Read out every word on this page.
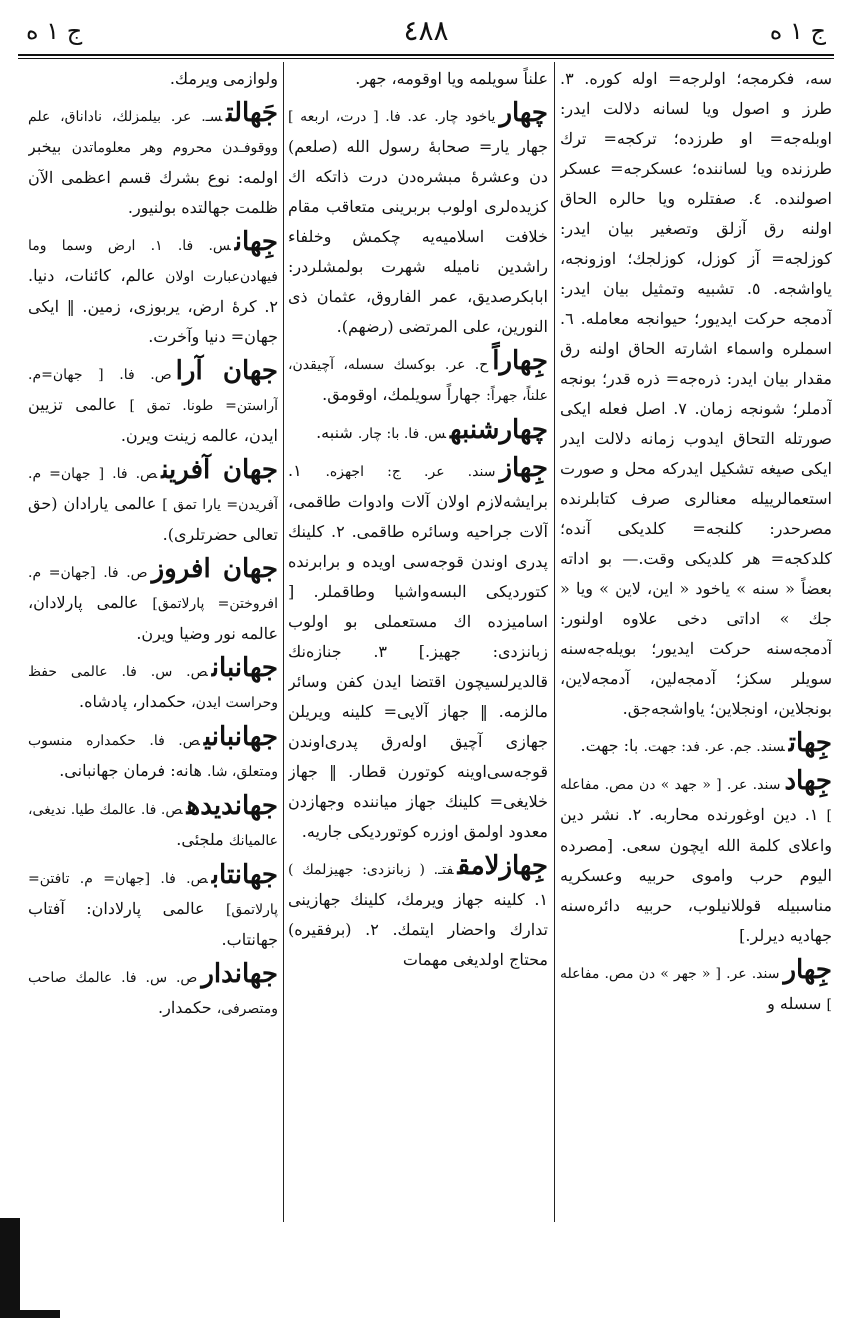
ج ١ ه
٤٨٨
ج ١ ه
سه، فکرمجه؛ اولرجه= اوله کوره. ٣. طرز و اصول ویا لسانه دلالت ایدر: اوبلەجه= او طرزده؛ ترکجه= ترك طرزنده ویا لساننده؛ عسکرجه= عسکر اصولنده. ٤. صفتلره ویا حالره الحاق اولنه رق آزلق وتصغیر بیان ایدر: کوزلجه= آز کوزل، کوزلجك؛ اوزونجه، یاواشجه. ٥. تشبیه وتمثیل بیان ایدر: آدمجه حرکت ایدیور؛ حیوانجه معامله. ٦. اسملره واسماء اشارته الحاق اولنه رق مقدار بیان ایدر: ذره‌جه= ذره قدر؛ بونجه آدملر؛ شونجه زمان. ٧. اصل فعله ایکی صورتله التحاق ایدوب زمانه دلالت ایدر ایکی صیغه تشکیل ایدرکه محل و صورت استعمالرییله معنالری صرف کتابلرنده مصرحدر: کلنجه= کلدیکی آنده؛ کلدکجه= هر کلدیکی وقت.— بو اداته بعضاً « سنه » یاخود « این، لاین » ویا « جك » اداتی دخی علاوه اولنور: آدمجه‌سنه حرکت ایدیور؛ بویله‌جه‌سنه سویلر سکز؛ آدمجه‌لین، آدمجه‌لاین، بونجلاین، اونجلاین؛ یاواشجه‌جق.
جِهاتسند. جم. عر. فد: جهت. با: جهت.
جِهادسند. عر. [ « جهد » دن مص. مفاعله ] ١. دین اوغورنده محاربه. ٢. نشر دین واعلای کلمة الله ایچون سعی. [مصرده الیوم حرب واموی حربیه وعسکریه مناسبیله قوللانیلوب، حربیه دائره‌سنه جهادیه دیرلر.]
جِهارسند. عر. [ « جهر » دن مص. مفاعله ] سسله و
علناً سویلمه ویا اوقومه، جهر.
چهاریاخود چار. عد. فا. [ درت، اربعه ] جهار یار= صحابهٔ رسول الله (صلعم) دن وعشرهٔ مبشره‌دن درت ذاتکه اك کزیده‌لری اولوب بربرینی متعاقب مقام خلافت اسلامیه‌یه چکمش وخلفاء راشدین نامیله شهرت بولمشلردر: ابابکرصدیق، عمر الفاروق، عثمان ذی النورین، علی المرتضی (رضهم).
جِهاراًح. عر. بوکسك سسله، آچیقدن، علناً، جهراً: جهاراً سویلمك، اوقومق.
چهارشنبهس. فا. با: چار. شنبه.
جِهازسند. عر. ج: اجهزه. ١. برایشه‌لازم اولان آلات وادوات طاقمی، آلات جراحیه وسائره طاقمی. ٢. کلینك پدری اوندن قوجه‌سی اویده و برابرنده کتوردیکی البسه‌واشیا وطاقملر. [ اسامیزده اك مستعملی بو اولوب زبانزدی: جهیز.] ٣. جنازه‌نك قالدیرلسیچون اقتضا ایدن کفن وسائر مالزمه. ‖ جهاز آلایی= کلینه ویریلن جهازی آچیق اوله‌رق پدری‌اوندن قوجه‌سی‌اوینه کوتورن قطار. ‖ جهاز خلایغی= کلینك جهاز میاننده وجهازدن معدود اولمق اوزره کوتوردیکی جاریه.
جِهازلامقفتـ. ( زبانزدی: جهیزلمك ) ١. کلینه جهاز ویرمك، کلینك جهازینی تدارك واحضار ایتمك. ٢. (برفقیره) محتاج اولدیغی مهمات
ولوازمی ویرمك.
جَهالتسـ. عر. بیلمزلك، ناداناق، علم ووقوفـدن محروم وهر معلوماتدن بیخبر اولمه: نوع بشرك قسم اعظمی الآن ظلمت جهالتده بولنیور.
جِهانس. فا. ١. ارض وسما وما فیهادن‌عبارت اولان عالم، کائنات، دنیا. ٢. کرهٔ ارض، یربوزی، زمین. ‖ ایکی جهان= دنیا وآخرت.
جهان آراص. فا. [ جهان=م. آراستن= طونا. تمق ] عالمی تزیین ایدن، عالمه زینت ویرن.
جهان آفرینص. فا. [ جهان= م. آفریدن= یارا تمق ] عالمی یارادان (حق تعالی حضرتلری).
جهان افروزص. فا. [جهان= م. افروختن= پارلاتمق] عالمی پارلادان، عالمه نور وضیا ویرن.
جهانبانص. س. فا. عالمی حفظ وحراست ایدن، حکمدار، پادشاه.
جهانبانیص. فا. حکمداره منسوب ومتعلق، شا. هانه: فرمان جهانبانی.
جهاندیدهص. فا. عالمك طیا. ندیغی، عالمیانك ملجئی.
جهانتابص. فا. [جهان= م. تافتن= پارلاتمق] عالمی پارلادان: آفتاب جهانتاب.
جهاندارص. س. فا. عالمك صاحب ومتصرفی، حکمدار.
